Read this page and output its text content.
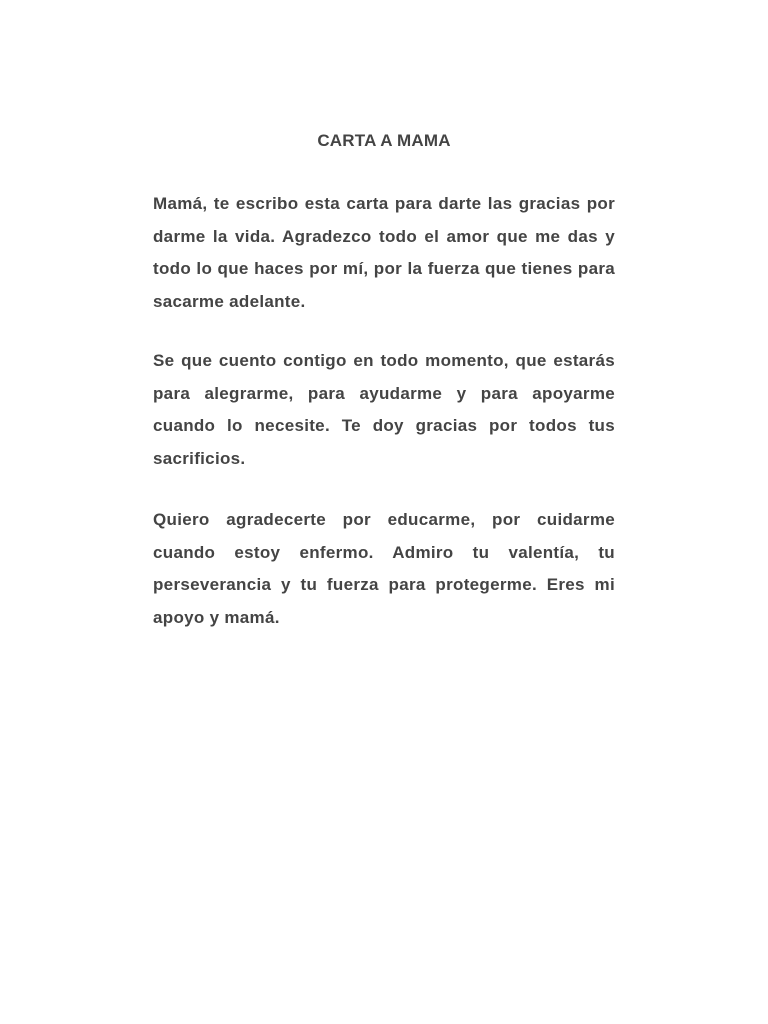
CARTA A MAMA

Mamá, te escribo esta carta para darte las gracias por darme la vida. Agradezco todo el amor que me das y todo lo que haces por mí, por la fuerza que tienes para sacarme adelante.

Se que cuento contigo en todo momento, que estarás para alegrarme, para ayudarme y para apoyarme cuando lo necesite. Te doy gracias por todos tus sacrificios.

Quiero agradecerte por educarme, por cuidarme cuando estoy enfermo. Admiro tu valentía, tu perseverancia y tu fuerza para protegerme. Eres mi apoyo y mamá.
